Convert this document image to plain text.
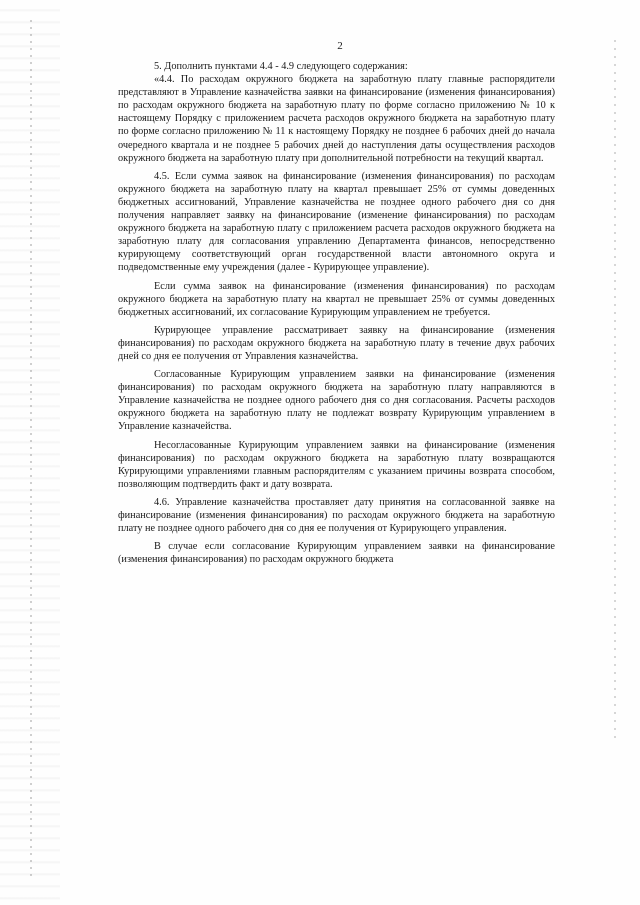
2

5. Дополнить пунктами 4.4 - 4.9 следующего содержания:

«4.4. По расходам окружного бюджета на заработную плату главные распорядители представляют в Управление казначейства заявки на финансирование (изменения финансирования) по расходам окружного бюджета на заработную плату по форме согласно приложению № 10 к настоящему Порядку с приложением расчета расходов окружного бюджета на заработную плату по форме согласно приложению № 11 к настоящему Порядку не позднее 6 рабочих дней до начала очередного квартала и не позднее 5 рабочих дней до наступления даты осуществления расходов окружного бюджета на заработную плату при дополнительной потребности на текущий квартал.

4.5. Если сумма заявок на финансирование (изменения финансирования) по расходам окружного бюджета на заработную плату на квартал превышает 25% от суммы доведенных бюджетных ассигнований, Управление казначейства не позднее одного рабочего дня со дня получения направляет заявку на финансирование (изменение финансирования) по расходам окружного бюджета на заработную плату с приложением расчета расходов окружного бюджета на заработную плату для согласования управлению Департамента финансов, непосредственно курирующему соответствующий орган государственной власти автономного округа и подведомственные ему учреждения (далее - Курирующее управление).

Если сумма заявок на финансирование (изменения финансирования) по расходам окружного бюджета на заработную плату на квартал не превышает 25% от суммы доведенных бюджетных ассигнований, их согласование Курирующим управлением не требуется.

Курирующее управление рассматривает заявку на финансирование (изменения финансирования) по расходам окружного бюджета на заработную плату в течение двух рабочих дней со дня ее получения от Управления казначейства.

Согласованные Курирующим управлением заявки на финансирование (изменения финансирования) по расходам окружного бюджета на заработную плату направляются в Управление казначейства не позднее одного рабочего дня со дня согласования. Расчеты расходов окружного бюджета на заработную плату не подлежат возврату Курирующим управлением в Управление казначейства.

Несогласованные Курирующим управлением заявки на финансирование (изменения финансирования) по расходам окружного бюджета на заработную плату возвращаются Курирующими управлениями главным распорядителям с указанием причины возврата способом, позволяющим подтвердить факт и дату возврата.

4.6. Управление казначейства проставляет дату принятия на согласованной заявке на финансирование (изменения финансирования) по расходам окружного бюджета на заработную плату не позднее одного рабочего дня со дня ее получения от Курирующего управления.

В случае если согласование Курирующим управлением заявки на финансирование (изменения финансирования) по расходам окружного бюджета
